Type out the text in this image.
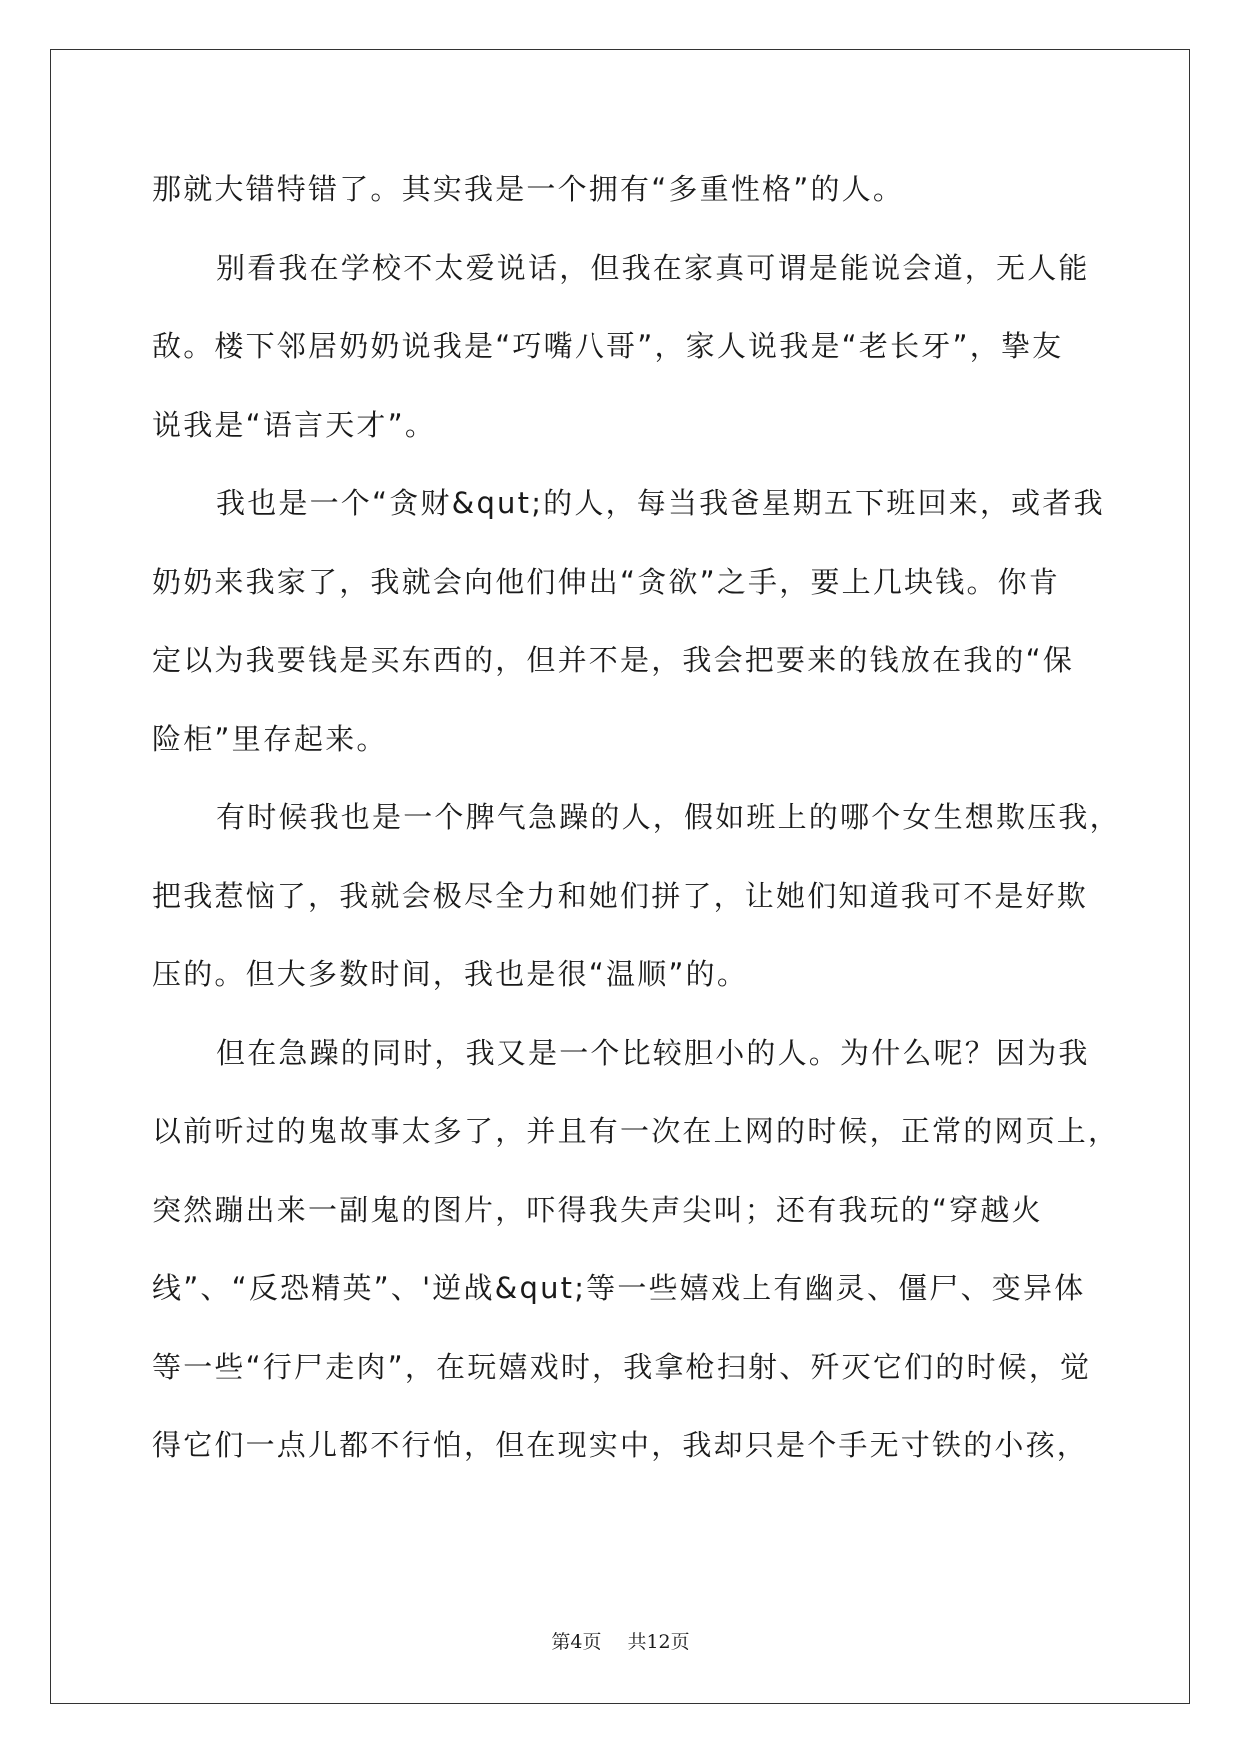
那就大错特错了。其实我是一个拥有“多重性格”的人。
别看我在学校不太爱说话，但我在家真可谓是能说会道，无人能
敌。楼下邻居奶奶说我是“巧嘴八哥”，家人说我是“老长牙”，挚友
说我是“语言天才”。
我也是一个“贪财&qut;的人，每当我爸星期五下班回来，或者我
奶奶来我家了，我就会向他们伸出“贪欲”之手，要上几块钱。你肯
定以为我要钱是买东西的，但并不是，我会把要来的钱放在我的“保
险柜”里存起来。
有时候我也是一个脾气急躁的人，假如班上的哪个女生想欺压我，
把我惹恼了，我就会极尽全力和她们拼了，让她们知道我可不是好欺
压的。但大多数时间，我也是很“温顺”的。
但在急躁的同时，我又是一个比较胆小的人。为什么呢？因为我
以前听过的鬼故事太多了，并且有一次在上网的时候，正常的网页上，
突然蹦出来一副鬼的图片，吓得我失声尖叫；还有我玩的“穿越火
线”、“反恐精英”、'逆战&qut;等一些嬉戏上有幽灵、僵尸、变异体
等一些“行尸走肉”，在玩嬉戏时，我拿枪扫射、歼灭它们的时候，觉
得它们一点儿都不行怕，但在现实中，我却只是个手无寸铁的小孩，
第4页 共12页
